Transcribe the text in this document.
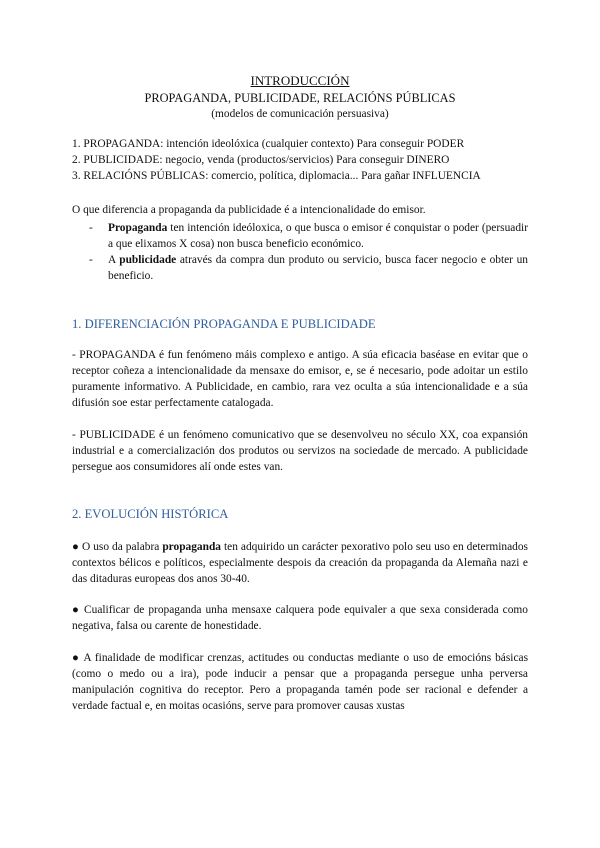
INTRODUCCIÓN
PROPAGANDA, PUBLICIDADE, RELACIÓNS PÚBLICAS
(modelos de comunicación persuasiva)
1. PROPAGANDA: intención ideolóxica (cualquier contexto) Para conseguir PODER
2. PUBLICIDADE: negocio, venda (productos/servicios) Para conseguir DINERO
3. RELACIÓNS PÚBLICAS: comercio, política, diplomacia... Para gañar INFLUENCIA
O que diferencia a propaganda da publicidade é a intencionalidade do emisor.
- Propaganda ten intención ideóloxica, o que busca o emisor é conquistar o poder (persuadir a que elixamos X cosa) non busca beneficio económico.
- A publicidade através da compra dun produto ou servicio, busca facer negocio e obter un beneficio.
1. DIFERENCIACIÓN PROPAGANDA E PUBLICIDADE
- PROPAGANDA é fun fenómeno máis complexo e antigo. A súa eficacia baséase en evitar que o receptor coñeza a intencionalidade da mensaxe do emisor, e, se é necesario, pode adoitar un estilo puramente informativo. A Publicidade, en cambio, rara vez oculta a súa intencionalidade e a súa difusión soe estar perfectamente catalogada.
- PUBLICIDADE é un fenómeno comunicativo que se desenvolveu no século XX, coa expansión industrial e a comercialización dos produtos ou servizos na sociedade de mercado. A publicidade persegue aos consumidores alí onde estes van.
2. EVOLUCIÓN HISTÓRICA
● O uso da palabra propaganda ten adquirido un carácter pexorativo polo seu uso en determinados contextos bélicos e políticos, especialmente despois da creación da propaganda da Alemaña nazi e das ditaduras europeas dos anos 30-40.
● Cualificar de propaganda unha mensaxe calquera pode equivaler a que sexa considerada como negativa, falsa ou carente de honestidade.
● A finalidade de modificar crenzas, actitudes ou conductas mediante o uso de emocións básicas (como o medo ou a ira), pode inducir a pensar que a propaganda persegue unha perversa manipulación cognitiva do receptor. Pero a propaganda tamén pode ser racional e defender a verdade factual e, en moitas ocasións, serve para promover causas xustas
